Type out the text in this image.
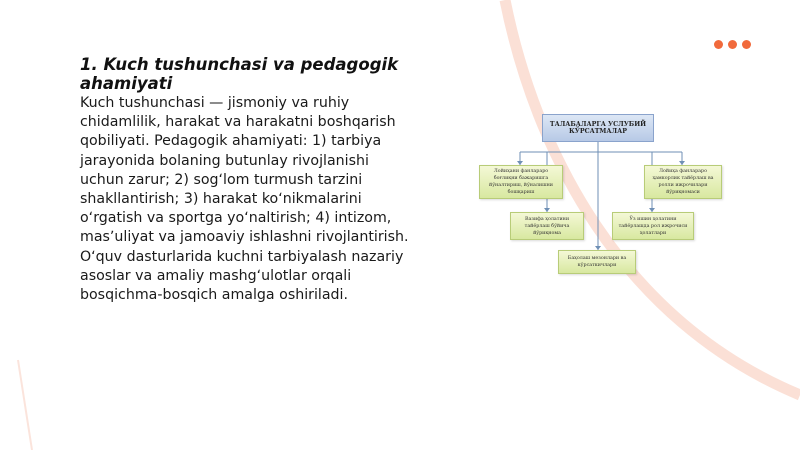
1. Kuch tushunchasi va pedagogik ahamiyati
Kuch tushunchasi — jismoniy va ruhiy chidamlilik, harakat va harakatni boshqarish qobiliyati. Pedagogik ahamiyati: 1) tarbiya jarayonida bolaning butunlay rivojlanishi uchun zarur; 2) sogʻlom turmush tarzini shakllantirish; 3) harakat koʻnikmalarini oʻrgatish va sportga yoʻnaltirish; 4) intizom, masʼuliyat va jamoaviy ishlashni rivojlantirish. Oʻquv dasturlarida kuchni tarbiyalash nazariy asoslar va amaliy mashgʻulotlar orqali bosqichma-bosqich amalga oshiriladi.
ТАЛАБАЛАРГА УСЛУБИЙ КЎРСАТМАЛАР
Лойиҳани фанлараро боғлиқни бажаришга йўналтириш, йўналишни бошқариш
Вазифа ҳолатини тайёрлаш бўйича йўриқнома
Баҳолаш мезонлари ва кўрсаткичлари
Ўз ишин ҳолатини тайёрлашда рол ижрочиси ҳолатлари
Лойиҳа фанлараро ҳамкорлик тайёрлаш ва ролли ижрочилари йўриқномаси
